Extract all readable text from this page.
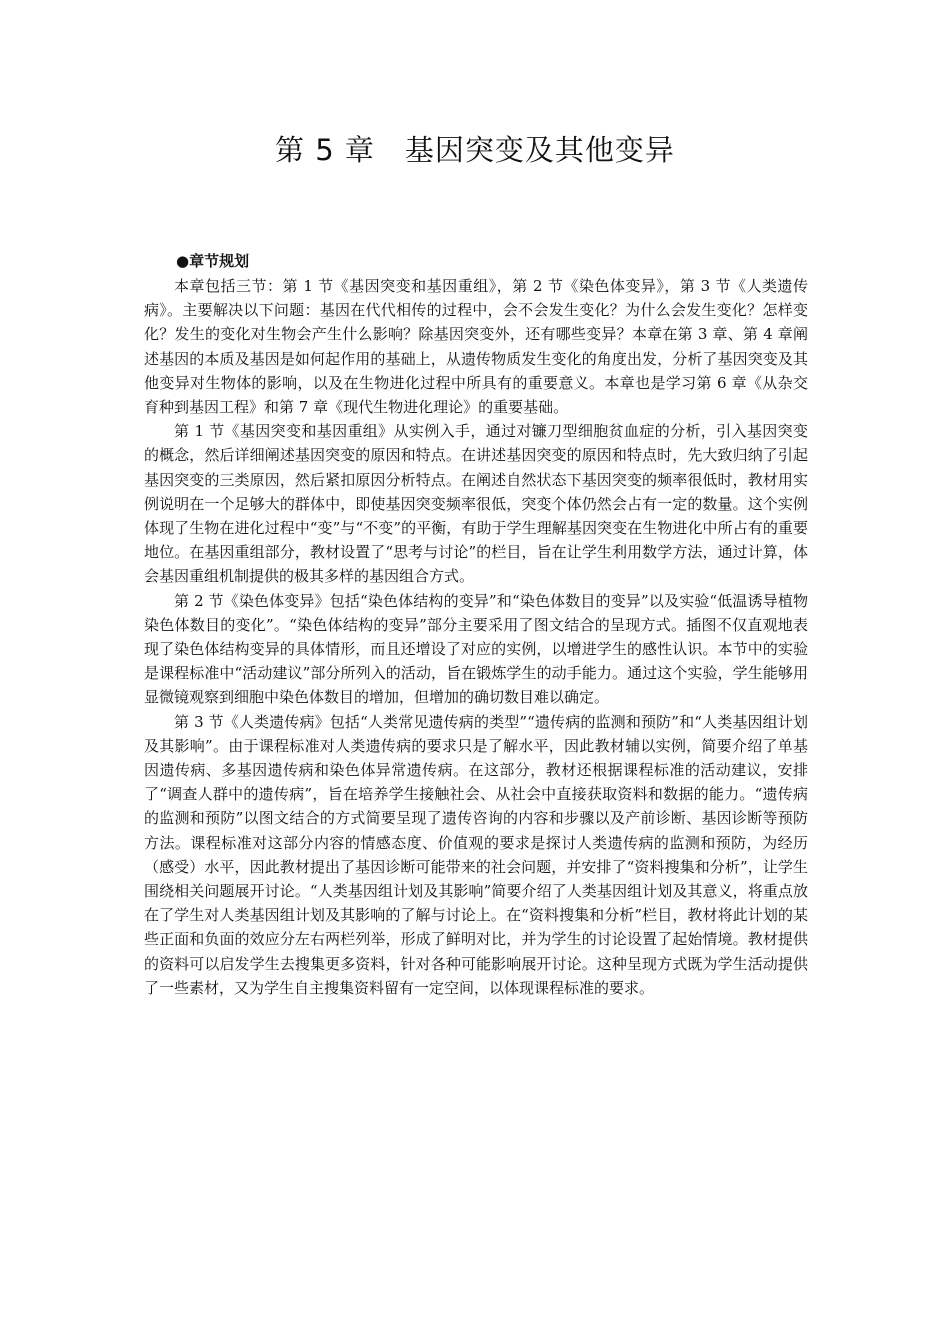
第 5 章　基因突变及其他变异

●章节规划

本章包括三节：第 1 节《基因突变和基因重组》，第 2 节《染色体变异》，第 3 节《人类遗传病》。主要解决以下问题：基因在代代相传的过程中，会不会发生变化？为什么会发生变化？怎样变化？发生的变化对生物会产生什么影响？除基因突变外，还有哪些变异？本章在第 3 章、第 4 章阐述基因的本质及基因是如何起作用的基础上，从遗传物质发生变化的角度出发，分析了基因突变及其他变异对生物体的影响，以及在生物进化过程中所具有的重要意义。本章也是学习第 6 章《从杂交育种到基因工程》和第 7 章《现代生物进化理论》的重要基础。

第 1 节《基因突变和基因重组》从实例入手，通过对镰刀型细胞贫血症的分析，引入基因突变的概念，然后详细阐述基因突变的原因和特点。在讲述基因突变的原因和特点时，先大致归纳了引起基因突变的三类原因，然后紧扣原因分析特点。在阐述自然状态下基因突变的频率很低时，教材用实例说明在一个足够大的群体中，即使基因突变频率很低，突变个体仍然会占有一定的数量。这个实例体现了生物在进化过程中“变”与“不变”的平衡，有助于学生理解基因突变在生物进化中所占有的重要地位。在基因重组部分，教材设置了“思考与讨论”的栏目，旨在让学生利用数学方法，通过计算，体会基因重组机制提供的极其多样的基因组合方式。

第 2 节《染色体变异》包括“染色体结构的变异”和“染色体数目的变异”以及实验“低温诱导植物染色体数目的变化”。“染色体结构的变异”部分主要采用了图文结合的呈现方式。插图不仅直观地表现了染色体结构变异的具体情形，而且还增设了对应的实例，以增进学生的感性认识。本节中的实验是课程标准中“活动建议”部分所列入的活动，旨在锻炼学生的动手能力。通过这个实验，学生能够用显微镜观察到细胞中染色体数目的增加，但增加的确切数目难以确定。

第 3 节《人类遗传病》包括“人类常见遗传病的类型”“遗传病的监测和预防”和“人类基因组计划及其影响”。由于课程标准对人类遗传病的要求只是了解水平，因此教材辅以实例，简要介绍了单基因遗传病、多基因遗传病和染色体异常遗传病。在这部分，教材还根据课程标准的活动建议，安排了“调查人群中的遗传病”，旨在培养学生接触社会、从社会中直接获取资料和数据的能力。“遗传病的监测和预防”以图文结合的方式简要呈现了遗传咨询的内容和步骤以及产前诊断、基因诊断等预防方法。课程标准对这部分内容的情感态度、价值观的要求是探讨人类遗传病的监测和预防，为经历（感受）水平，因此教材提出了基因诊断可能带来的社会问题，并安排了“资料搜集和分析”，让学生围绕相关问题展开讨论。“人类基因组计划及其影响”简要介绍了人类基因组计划及其意义，将重点放在了学生对人类基因组计划及其影响的了解与讨论上。在“资料搜集和分析”栏目，教材将此计划的某些正面和负面的效应分左右两栏列举，形成了鲜明对比，并为学生的讨论设置了起始情境。教材提供的资料可以启发学生去搜集更多资料，针对各种可能影响展开讨论。这种呈现方式既为学生活动提供了一些素材，又为学生自主搜集资料留有一定空间，以体现课程标准的要求。
